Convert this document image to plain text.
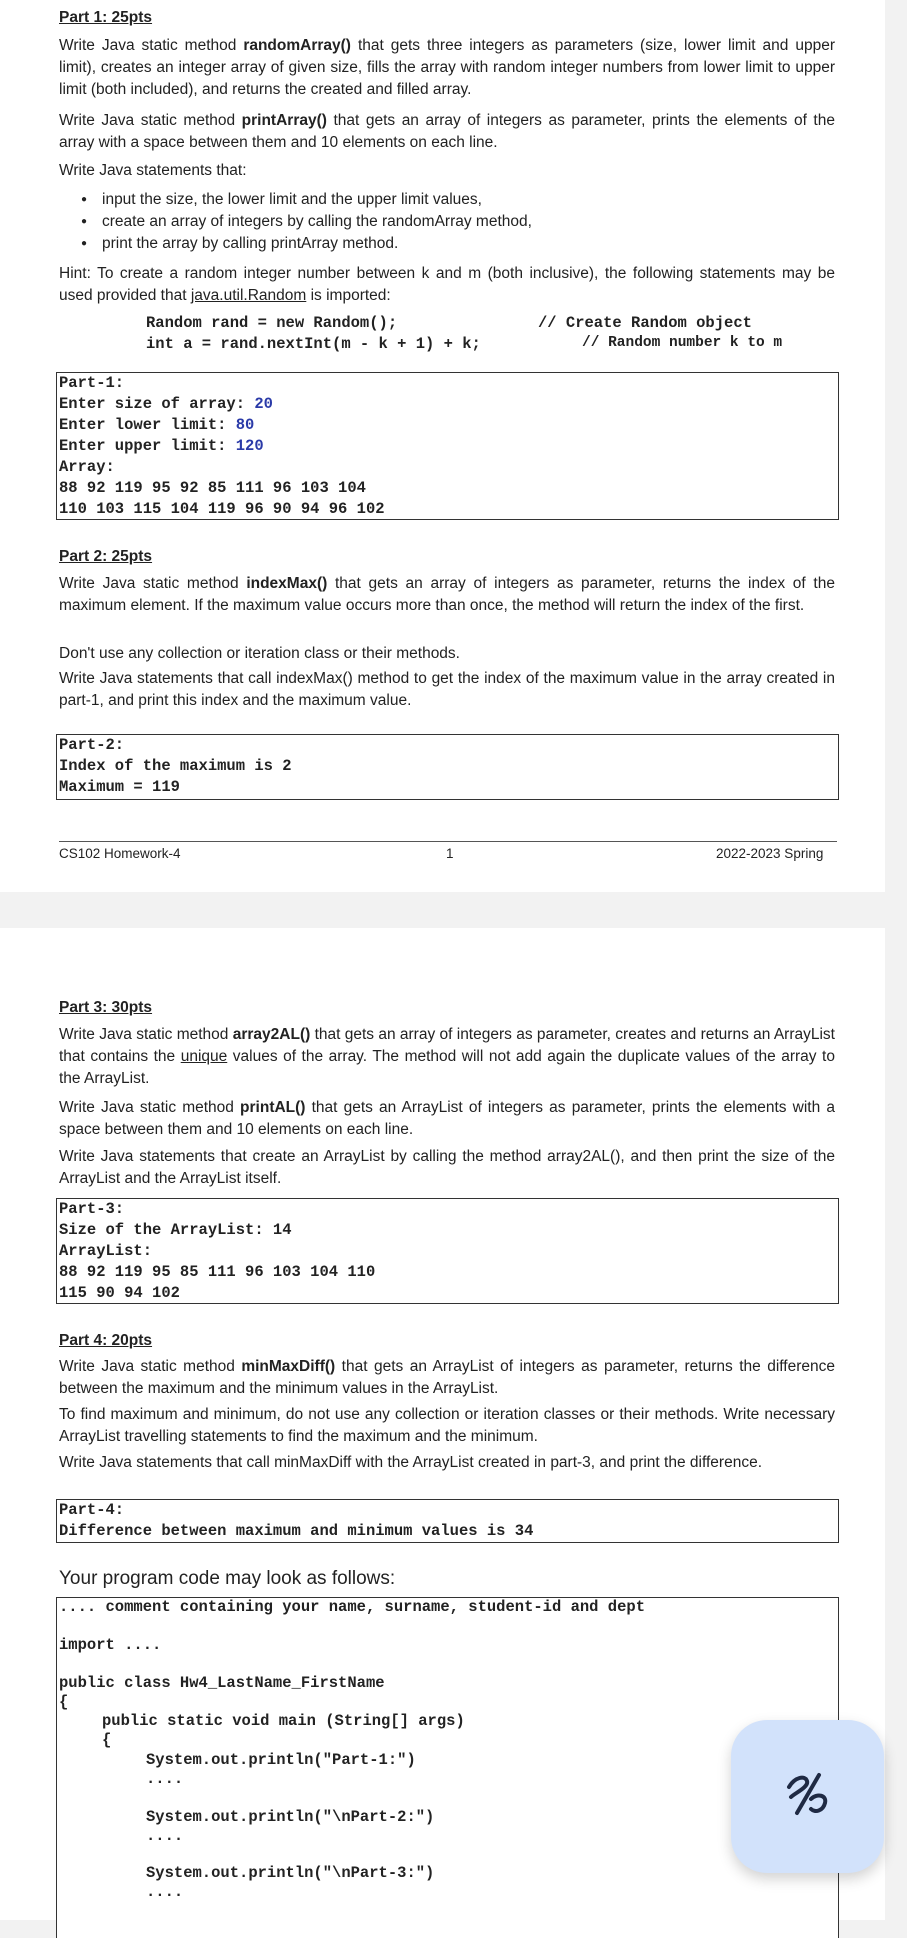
Part 1: 25pts
Write Java static method randomArray() that gets three integers as parameters (size, lower limit and upper limit), creates an integer array of given size, fills the array with random integer numbers from lower limit to upper limit (both included), and returns the created and filled array.
Write Java static method printArray() that gets an array of integers as parameter, prints the elements of the array with a space between them and 10 elements on each line.
Write Java statements that:
● input the size, the lower limit and the upper limit values,
● create an array of integers by calling the randomArray method,
● print the array by calling printArray method.
Hint: To create a random integer number between k and m (both inclusive), the following statements may be used provided that java.util.Random is imported:
Random rand = new Random();	// Create Random object
int a = rand.nextInt(m - k + 1) + k;	// Random number k to m
Part-1:
Enter size of array: 20
Enter lower limit: 80
Enter upper limit: 120
Array:
88 92 119 95 92 85 111 96 103 104
110 103 115 104 119 96 90 94 96 102
Part 2: 25pts
Write Java static method indexMax() that gets an array of integers as parameter, returns the index of the maximum element. If the maximum value occurs more than once, the method will return the index of the first.
Don't use any collection or iteration class or their methods.
Write Java statements that call indexMax() method to get the index of the maximum value in the array created in part-1, and print this index and the maximum value.
Part-2:
Index of the maximum is 2
Maximum = 119
CS102 Homework-4	1	2022-2023 Spring
Part 3: 30pts
Write Java static method array2AL() that gets an array of integers as parameter, creates and returns an ArrayList that contains the unique values of the array. The method will not add again the duplicate values of the array to the ArrayList.
Write Java static method printAL() that gets an ArrayList of integers as parameter, prints the elements with a space between them and 10 elements on each line.
Write Java statements that create an ArrayList by calling the method array2AL(), and then print the size of the ArrayList and the ArrayList itself.
Part-3:
Size of the ArrayList: 14
ArrayList:
88 92 119 95 85 111 96 103 104 110
115 90 94 102
Part 4: 20pts
Write Java static method minMaxDiff() that gets an ArrayList of integers as parameter, returns the difference between the maximum and the minimum values in the ArrayList.
To find maximum and minimum, do not use any collection or iteration classes or their methods. Write necessary ArrayList travelling statements to find the maximum and the minimum.
Write Java statements that call minMaxDiff with the ArrayList created in part-3, and print the difference.
Part-4:
Difference between maximum and minimum values is 34
Your program code may look as follows:
.... comment containing your name, surname, student-id and dept
import ....
public class Hw4_LastName_FirstName
{
public static void main (String[] args)
{
System.out.println("Part-1:")
....
System.out.println("\nPart-2:")
....
System.out.println("\nPart-3:")
....
